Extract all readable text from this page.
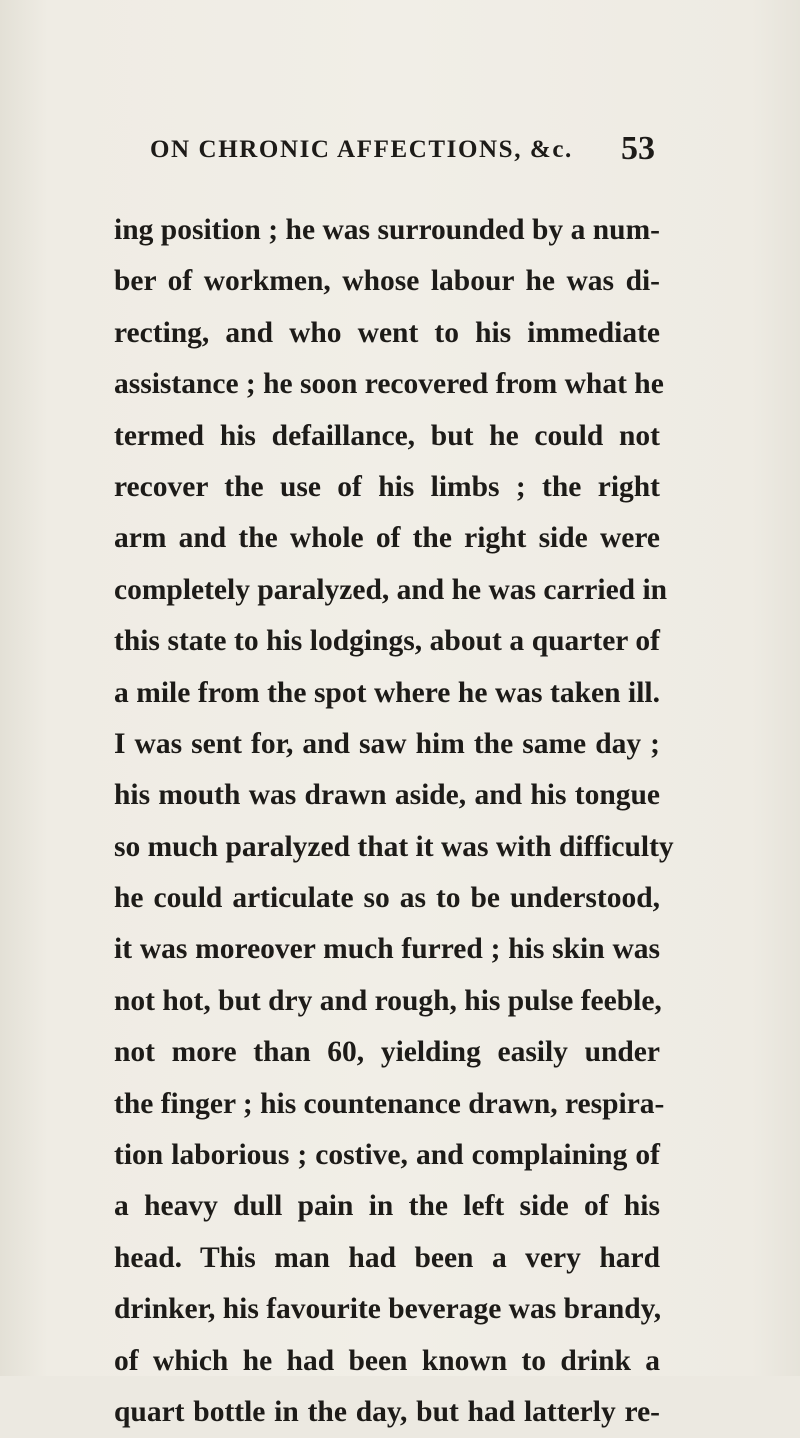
ON CHRONIC AFFECTIONS, &c. 53
ing position ; he was surrounded by a num-
ber of workmen, whose labour he was di-
recting, and who went to his immediate
assistance ; he soon recovered from what he
termed his defaillance, but he could not
recover the use of his limbs ; the right
arm and the whole of the right side were
completely paralyzed, and he was carried in
this state to his lodgings, about a quarter of
a mile from the spot where he was taken ill.
I was sent for, and saw him the same day ;
his mouth was drawn aside, and his tongue
so much paralyzed that it was with difficulty
he could articulate so as to be understood,
it was moreover much furred ; his skin was
not hot, but dry and rough, his pulse feeble,
not more than 60, yielding easily under
the finger ; his countenance drawn, respira-
tion laborious ; costive, and complaining of
a heavy dull pain in the left side of his
head. This man had been a very hard
drinker, his favourite beverage was brandy,
of which he had been known to drink a
quart bottle in the day, but had latterly re-
